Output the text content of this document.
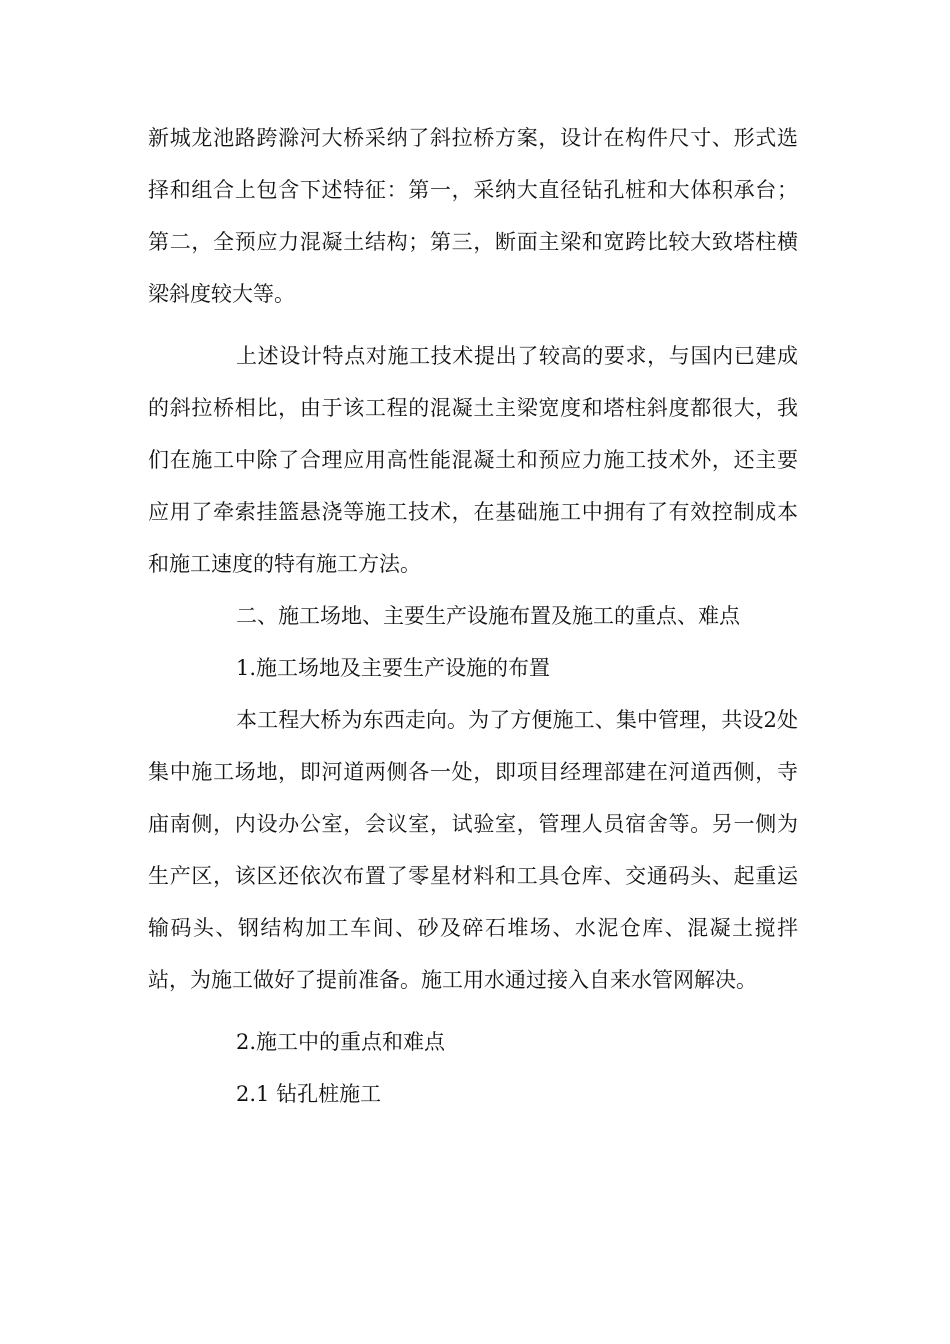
新城龙池路跨滁河大桥采纳了斜拉桥方案，设计在构件尺寸、形式选择和组合上包含下述特征：第一，采纳大直径钻孔桩和大体积承台；第二，全预应力混凝土结构；第三，断面主梁和宽跨比较大致塔柱横梁斜度较大等。

上述设计特点对施工技术提出了较高的要求，与国内已建成的斜拉桥相比，由于该工程的混凝土主梁宽度和塔柱斜度都很大，我们在施工中除了合理应用高性能混凝土和预应力施工技术外，还主要应用了牵索挂篮悬浇等施工技术，在基础施工中拥有了有效控制成本和施工速度的特有施工方法。

二、施工场地、主要生产设施布置及施工的重点、难点

1.施工场地及主要生产设施的布置

本工程大桥为东西走向。为了方便施工、集中管理，共设2处集中施工场地，即河道两侧各一处，即项目经理部建在河道西侧，寺庙南侧，内设办公室，会议室，试验室，管理人员宿舍等。另一侧为生产区，该区还依次布置了零星材料和工具仓库、交通码头、起重运输码头、钢结构加工车间、砂及碎石堆场、水泥仓库、混凝土搅拌站，为施工做好了提前准备。施工用水通过接入自来水管网解决。

2.施工中的重点和难点

2.1 钻孔桩施工
